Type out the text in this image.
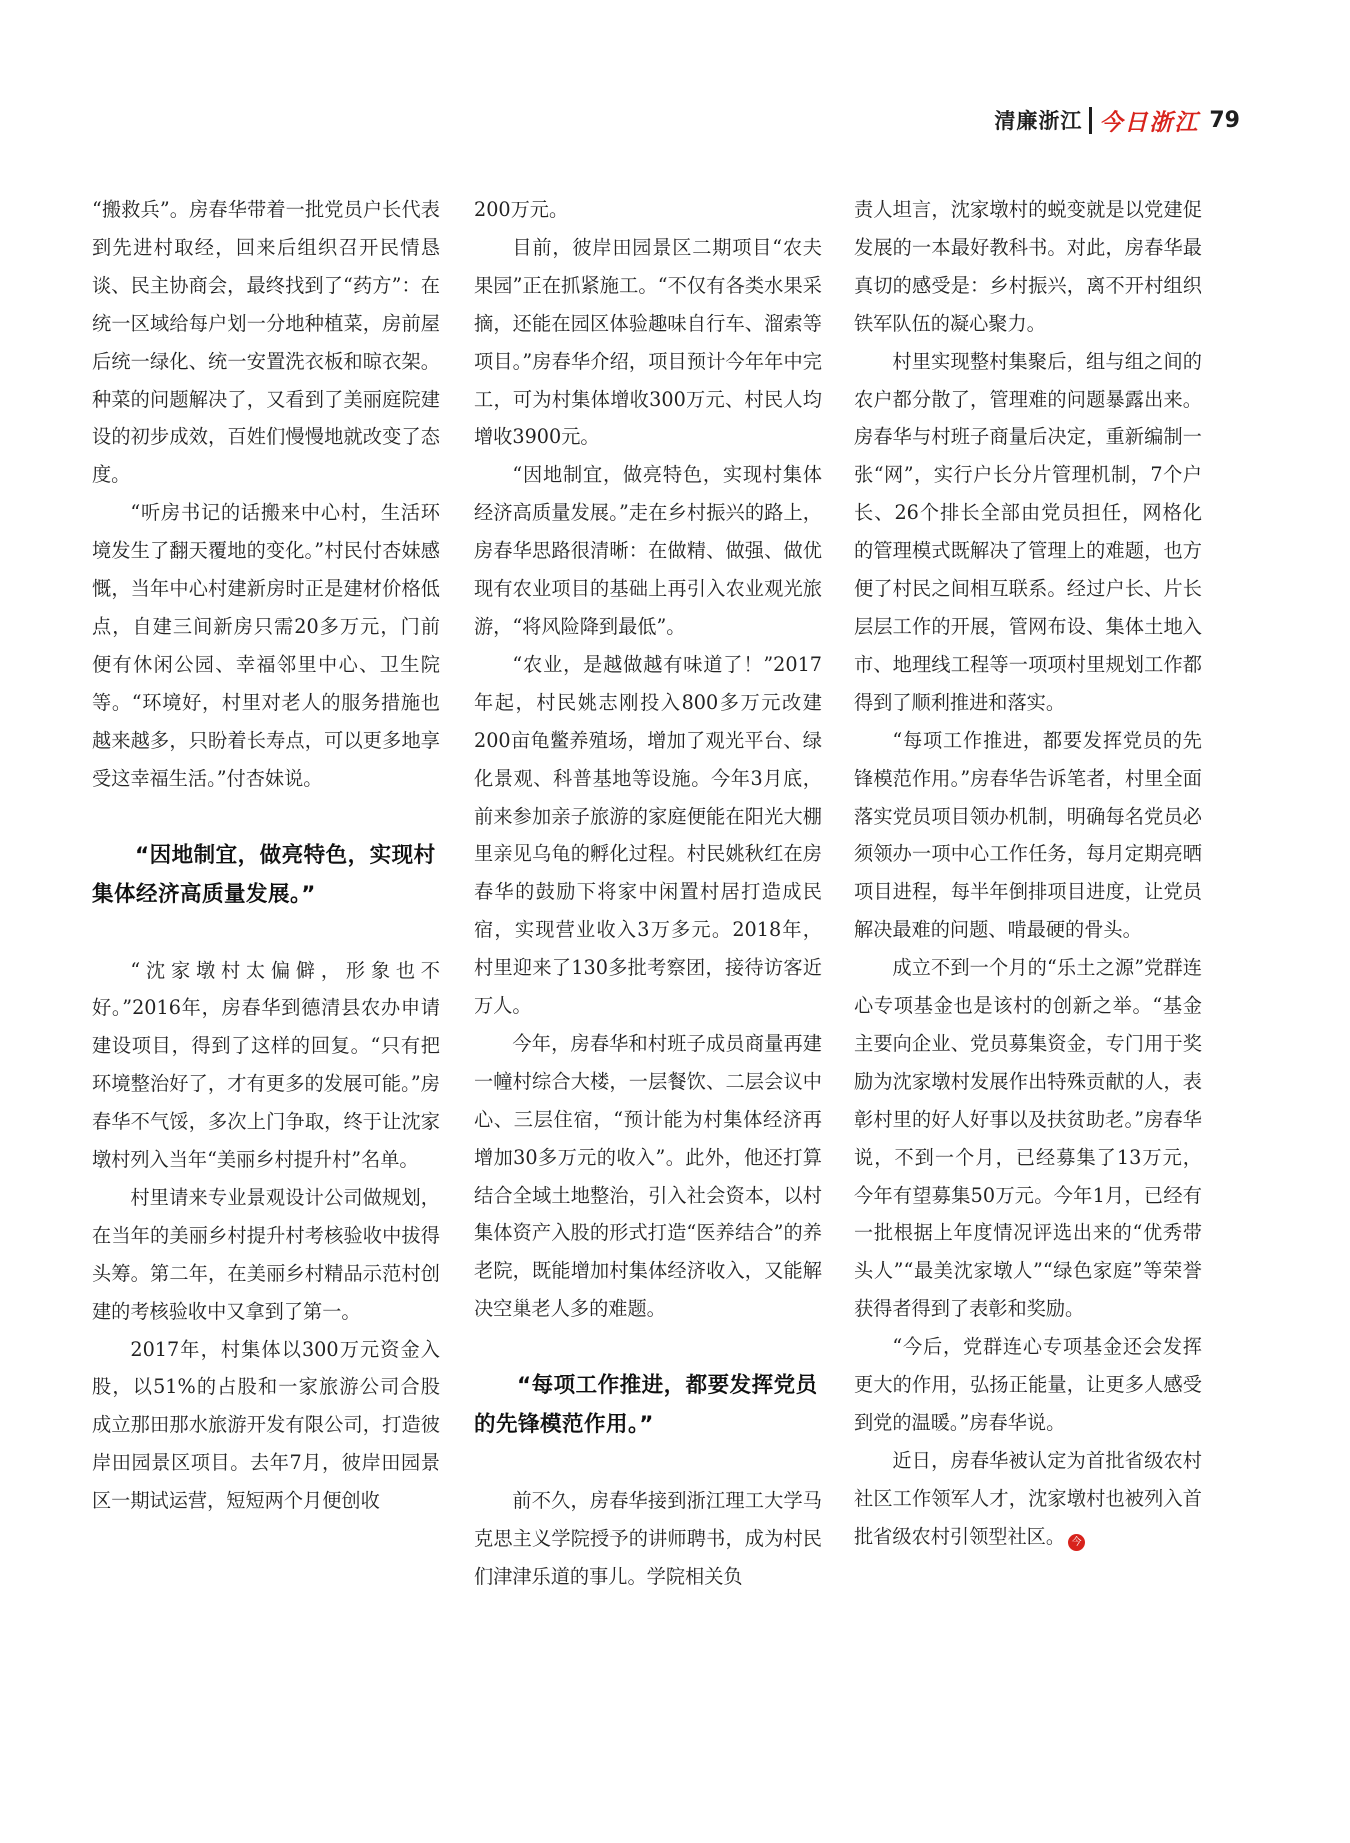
清廉浙江 今日浙江 79

“搬救兵”。房春华带着一批党员户长代表到先进村取经，回来后组织召开民情恳谈、民主协商会，最终找到了“药方”：在统一区域给每户划一分地种植菜，房前屋后统一绿化、统一安置洗衣板和晾衣架。种菜的问题解决了，又看到了美丽庭院建设的初步成效，百姓们慢慢地就改变了态度。

“听房书记的话搬来中心村，生活环境发生了翻天覆地的变化。”村民付杏妹感慨，当年中心村建新房时正是建材价格低点，自建三间新房只需20多万元，门前便有休闲公园、幸福邻里中心、卫生院等。“环境好，村里对老人的服务措施也越来越多，只盼着长寿点，可以更多地享受这幸福生活。”付杏妹说。

“因地制宜，做亮特色，实现村集体经济高质量发展。”

“沈家墩村太偏僻，形象也不好。”2016年，房春华到德清县农办申请建设项目，得到了这样的回复。“只有把环境整治好了，才有更多的发展可能。”房春华不气馁，多次上门争取，终于让沈家墩村列入当年“美丽乡村提升村”名单。

村里请来专业景观设计公司做规划，在当年的美丽乡村提升村考核验收中拔得头筹。第二年，在美丽乡村精品示范村创建的考核验收中又拿到了第一。

2017年，村集体以300万元资金入股，以51%的占股和一家旅游公司合股成立那田那水旅游开发有限公司，打造彼岸田园景区项目。去年7月，彼岸田园景区一期试运营，短短两个月便创收

200万元。

目前，彼岸田园景区二期项目“农夫果园”正在抓紧施工。“不仅有各类水果采摘，还能在园区体验趣味自行车、溜索等项目。”房春华介绍，项目预计今年年中完工，可为村集体增收300万元、村民人均增收3900元。

“因地制宜，做亮特色，实现村集体经济高质量发展。”走在乡村振兴的路上，房春华思路很清晰：在做精、做强、做优现有农业项目的基础上再引入农业观光旅游，“将风险降到最低”。

“农业，是越做越有味道了！”2017年起，村民姚志刚投入800多万元改建200亩龟鳖养殖场，增加了观光平台、绿化景观、科普基地等设施。今年3月底，前来参加亲子旅游的家庭便能在阳光大棚里亲见乌龟的孵化过程。村民姚秋红在房春华的鼓励下将家中闲置村居打造成民宿，实现营业收入3万多元。2018年，村里迎来了130多批考察团，接待访客近万人。

今年，房春华和村班子成员商量再建一幢村综合大楼，一层餐饮、二层会议中心、三层住宿，“预计能为村集体经济再增加30多万元的收入”。此外，他还打算结合全域土地整治，引入社会资本，以村集体资产入股的形式打造“医养结合”的养老院，既能增加村集体经济收入，又能解决空巢老人多的难题。

“每项工作推进，都要发挥党员的先锋模范作用。”

前不久，房春华接到浙江理工大学马克思主义学院授予的讲师聘书，成为村民们津津乐道的事儿。学院相关负

责人坦言，沈家墩村的蜕变就是以党建促发展的一本最好教科书。对此，房春华最真切的感受是：乡村振兴，离不开村组织铁军队伍的凝心聚力。

村里实现整村集聚后，组与组之间的农户都分散了，管理难的问题暴露出来。房春华与村班子商量后决定，重新编制一张“网”，实行户长分片管理机制，7个户长、26个排长全部由党员担任，网格化的管理模式既解决了管理上的难题，也方便了村民之间相互联系。经过户长、片长层层工作的开展，管网布设、集体土地入市、地理线工程等一项项村里规划工作都得到了顺利推进和落实。

“每项工作推进，都要发挥党员的先锋模范作用。”房春华告诉笔者，村里全面落实党员项目领办机制，明确每名党员必须领办一项中心工作任务，每月定期亮晒项目进程，每半年倒排项目进度，让党员解决最难的问题、啃最硬的骨头。

成立不到一个月的“乐土之源”党群连心专项基金也是该村的创新之举。“基金主要向企业、党员募集资金，专门用于奖励为沈家墩村发展作出特殊贡献的人，表彰村里的好人好事以及扶贫助老。”房春华说，不到一个月，已经募集了13万元，今年有望募集50万元。今年1月，已经有一批根据上年度情况评选出来的“优秀带头人”“最美沈家墩人”“绿色家庭”等荣誉获得者得到了表彰和奖励。

“今后，党群连心专项基金还会发挥更大的作用，弘扬正能量，让更多人感受到党的温暖。”房春华说。

近日，房春华被认定为首批省级农村社区工作领军人才，沈家墩村也被列入首批省级农村引领型社区。 今
